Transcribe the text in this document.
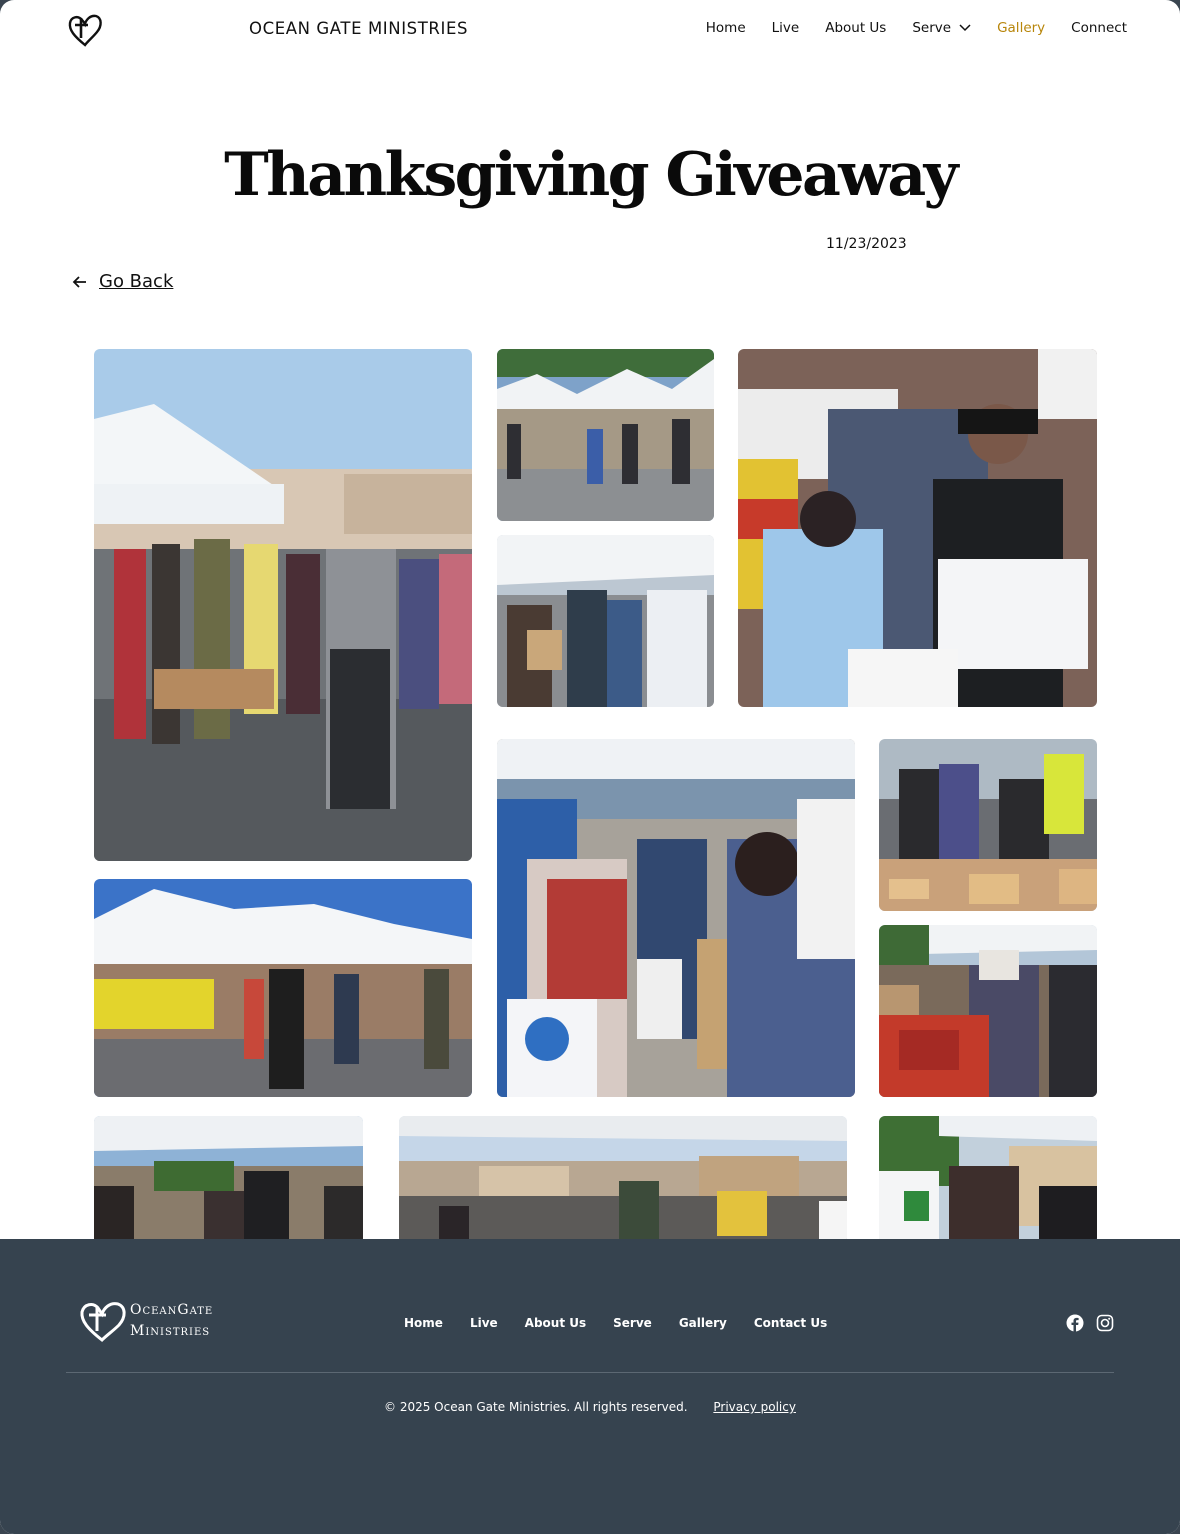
OCEAN GATE MINISTRIES	Home Live About Us Serve	Gallery Connect
Thanksgiving Giveaway
11/23/2023
Go Back
OceanGate
Ministries	Home Live About Us Serve Gallery Contact Us
© 2025 Ocean Gate Ministries. All rights reserved. Privacy policy
